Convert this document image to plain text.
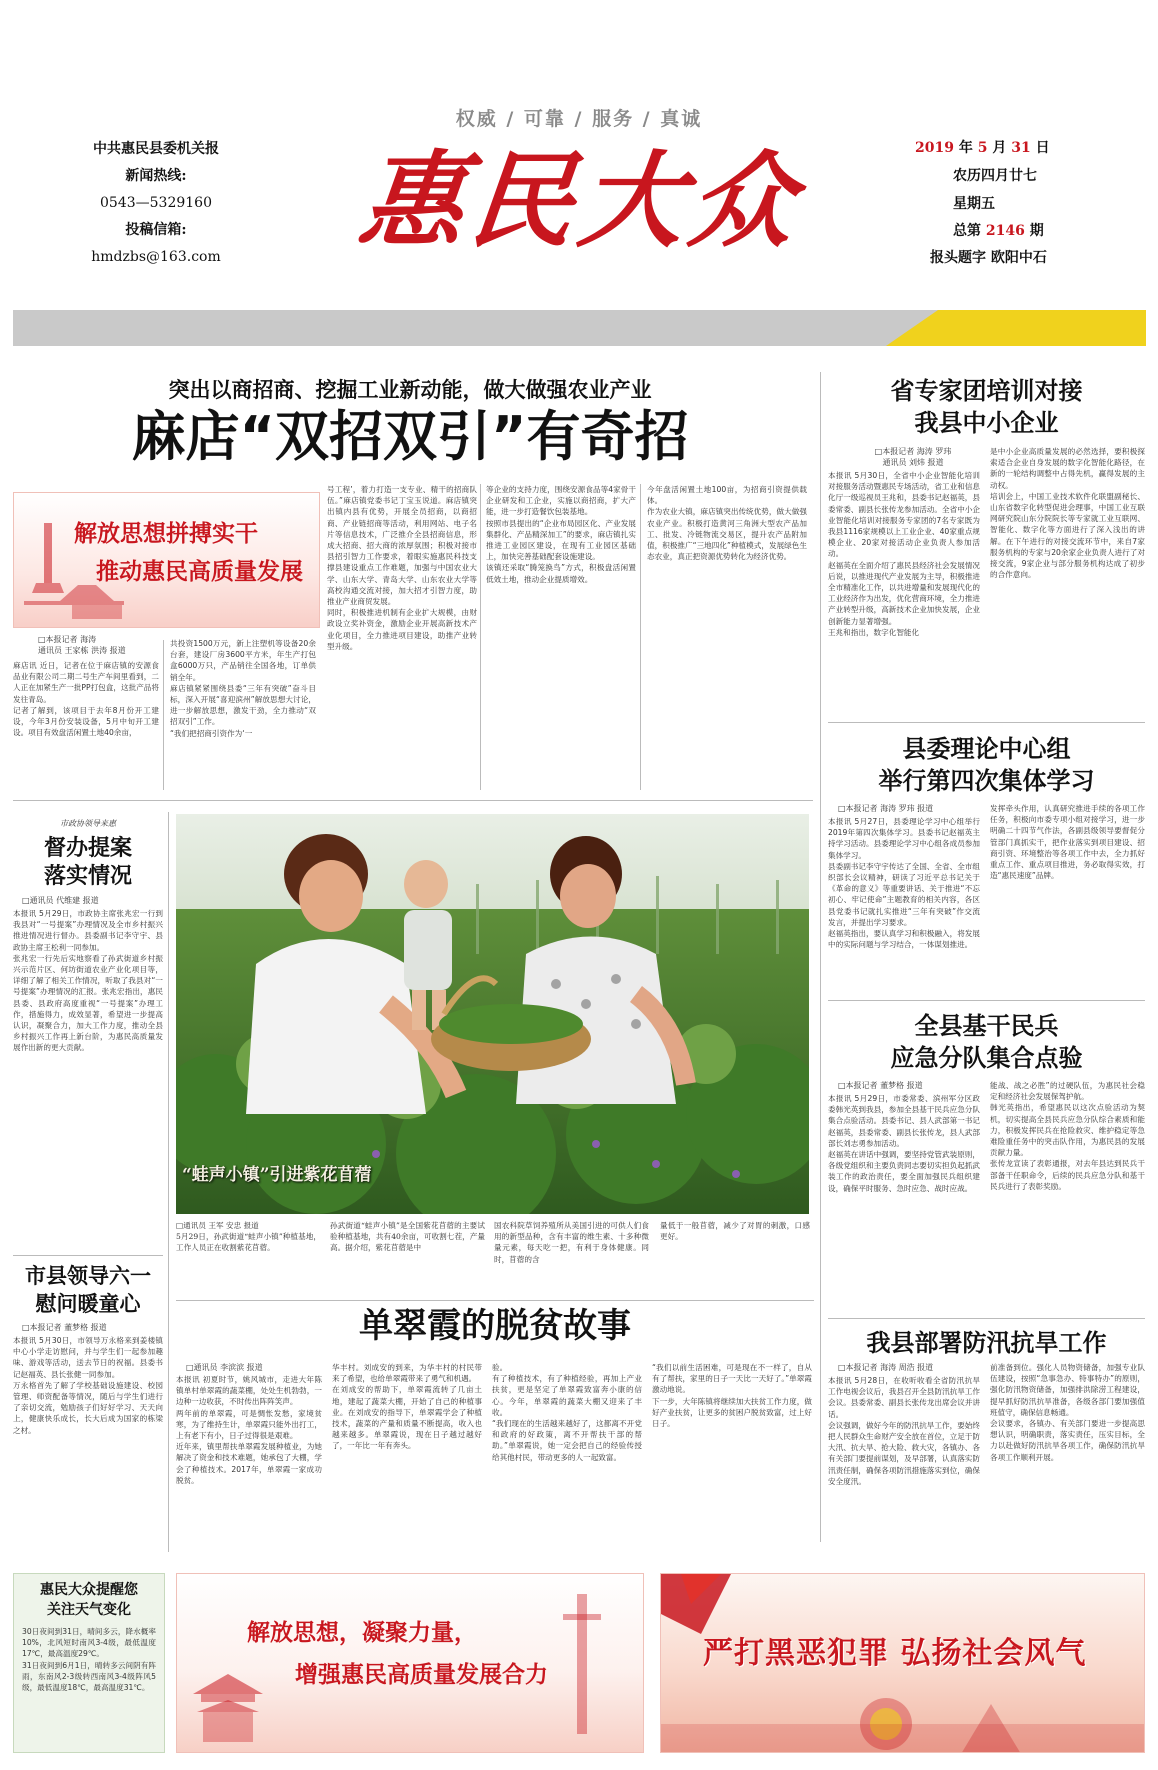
权威 / 可靠 / 服务 / 真诚
中共惠民县委机关报
新闻热线:
0543—5329160
投稿信箱:
hmdzbs@163.com 惠民大众	2019 年 5 月 31 日
农历四月廿七
星期五
总第 2146 期
报头题字 欧阳中石
突出以商招商、挖掘工业新动能，做大做强农业产业
麻店“双招双引”有奇招
解放思想拼搏实干
推动惠民高质量发展
□本报记者 海涛
通讯员 王家栋 洪涛 报道
麻店讯 近日，记者在位于麻店镇的安源食品业有限公司二期二号生产车间里看到，二人正在加紧生产一批PP打包盒，这批产品将发往青岛。
记者了解到，该项目于去年8月份开工建设，今年3月份安装设备，5月中旬开工建设。项目有效盘活闲置土地40余亩，
共投资1500万元，新上注塑机等设备20余台套，建设厂房3600平方米，年生产打包盒6000万只，产品销往全国各地，订单供销全年。
麻店镇紧紧围绕县委“三年有突破”奋斗目标，深入开展“喜迎滨州”解放思想大讨论，进一步解放思想，激发干劲，全力推动“双招双引”工作。
“我们把招商引资作为‘一
号工程’，着力打造一支专业、精干的招商队伍。”麻店镇党委书记丁宝玉说道。麻店镇突出镇内县有优势，开展全员招商，以商招商、产业链招商等活动，利用网站、电子名片等信息技术，广泛推介全县招商信息，形成大招商、招大商的浓厚氛围；积极对接市县招引智力工作要求，着眼实施惠民科技支撑县建设重点工作难题，加强与中国农业大学、山东大学、青岛大学、山东农业大学等高校沟通交流对接，加大招才引智力度，助推业产业商贸发展。
同时，积极推进机制有企业扩大规模，由财政设立奖补资金，激励企业开展高新技术产业化项目，全力推进项目建设，助推产业转型升级。
等企业的支持力度，围绕安源食品等4家骨干企业研发和工企业，实施以商招商，扩大产能，进一步打造餐饮包装基地。
按照市县提出的“企业布局园区化、产业发展集群化、产品精深加工”的要求，麻店镇扎实推进工业园区建设，在现有工业园区基础上，加快完善基础配套设施建设。
该镇还采取“腾笼换鸟”方式，积极盘活闲置低效土地，推动企业提质增效。
今年盘活闲置土地100亩，为招商引资提供载体。
作为农业大镇，麻店镇突出传统优势，做大做强农业产业。积极打造黄河三角洲大型农产品加工、批发、冷链物流交易区，提升农产品附加值，积极推广“三地四化”种植模式，发展绿色生态农业，真正把资源优势转化为经济优势。
“蛙声小镇”引进紫花苜蓿
□通讯员 王军 安忠 报道
5月29日，孙武街道“蛙声小镇”种植基地，工作人员正在收割紫花苜蓿。
孙武街道“蛙声小镇”是全国紫花苜蓿的主要试验种植基地，共有40余亩，可收割七茬，产量高。据介绍，紫花苜蓿是中
国农科院草饲养殖所从美国引进的可供人们食用的新型品种，含有丰富的维生素、十多种微量元素，每天吃一把，有利于身体健康。同时，苜蓿的含
量低于一般苜蓿，减少了对胃的刺激，口感更好。
市政协领导来惠
督办提案
落实情况
□通讯员 代维建 报道
本报讯 5月29日，市政协主席张兆宏一行到我县对“一号提案”办理情况及全市乡村振兴推进情况进行督办。县委副书记李守宇、县政协主席王松利一同参加。
张兆宏一行先后实地察看了孙武街道乡村振兴示范片区、何坊街道农业产业化项目等，详细了解了相关工作情况，听取了我县对“一号提案”办理情况的汇报。张兆宏指出，惠民县委、县政府高度重视“一号提案”办理工作，措施得力，成效显著，希望进一步提高认识，凝聚合力，加大工作力度，推动全县乡村振兴工作再上新台阶，为惠民高质量发展作出新的更大贡献。
市县领导六一
慰问暖童心
□本报记者 董梦格 报道
本报讯 5月30日，市领导万永格来到姜楼镇中心小学走访慰问，并与学生们一起参加趣味、游戏等活动，送去节日的祝福。县委书记赵福英、县长张健一同参加。
万永格首先了解了学校基础设施建设、校园管理、师资配备等情况，随后与学生们进行了亲切交流，勉励孩子们好好学习、天天向上，健康快乐成长，长大后成为国家的栋梁之材。
单翠霞的脱贫故事
□通讯员 李滨滨 报道
本报讯 初夏时节，姚风城市，走进大年陈镇单村单翠霞的蔬菜棚，处处生机勃勃，一边种一边收获，不时传出阵阵笑声。
两年前的单翠霞，可是惆怅发愁，家境贫寒，为了维持生计，单翠霞只能外出打工，上有老下有小，日子过得很是艰难。
近年来，镇里帮扶单翠霞发展种植业，为她解决了资金和技术难题，她承包了大棚，学会了种植技术。2017年，单翠霞一家成功脱贫。
华丰村。刘成安的到来，为华丰村的村民带来了希望，也给单翠霞带来了勇气和机遇。
在刘成安的帮助下，单翠霞流转了几亩土地，建起了蔬菜大棚，开始了自己的种植事业。在刘成安的指导下，单翠霞学会了种植技术，蔬菜的产量和质量不断提高，收入也越来越多。单翠霞说，现在日子越过越好了，一年比一年有奔头。
验。
有了种植技术，有了种植经验，再加上产业扶贫，更是坚定了单翠霞致富奔小康的信心。今年，单翠霞的蔬菜大棚又迎来了丰收。
“我们现在的生活越来越好了，这都离不开党和政府的好政策，离不开帮扶干部的帮助。”单翠霞说，她一定会把自己的经验传授给其他村民，带动更多的人一起致富。
“我们以前生活困难，可是现在不一样了，自从有了帮扶，家里的日子一天比一天好了。”单翠霞激动地说。
下一步，大年陈镇将继续加大扶贫工作力度，做好产业扶贫，让更多的贫困户脱贫致富，过上好日子。
省专家团培训对接
我县中小企业
□本报记者 海涛 罗玮
通讯员 刘炜 报道
本报讯 5月30日，全省中小企业智能化培训对接服务活动暨惠民专场活动，省工业和信息化厅一级巡视员王兆和，县委书记赵福英，县委常委、副县长张传龙参加活动。全省中小企业智能化培训对接服务专家团的7名专家既为我县1116家规模以上工业企业、40家重点规模企业、20家对接活动企业负责人参加活动。
赵福英在全面介绍了惠民县经济社会发展情况后说，以推进现代产业发展为主导，积极推进全市精准化工作，以共进增量和发展现代化的工业经济作为出发，优化营商环境，全力推进产业转型升级，高新技术企业加快发展，企业创新能力显著增强。
王兆和指出，数字化智能化
是中小企业高质量发展的必然选择，要积极探索适合企业自身发展的数字化智能化路径，在新的一轮结构调整中占得先机，赢得发展的主动权。
培训会上，中国工业技术软件化联盟副秘长、山东省数字化转型促进会理事，中国工业互联网研究院山东分院院长等专家就工业互联网、智能化、数字化等方面进行了深入浅出的讲解。在下午进行的对接交流环节中，来自7家服务机构的专家与20余家企业负责人进行了对接交流，9家企业与部分服务机构达成了初步的合作意向。
县委理论中心组
举行第四次集体学习
□本报记者 海涛 罗玮 报道
本报讯 5月27日，县委理论学习中心组举行2019年第四次集体学习。县委书记赵福英主持学习活动。县委理论学习中心组各成员参加集体学习。
县委副书记李守宇传达了全国、全省、全市组织部长会议精神，研读了习近平总书记关于《革命的意义》等重要讲话、关于推进“不忘初心、牢记使命”主题教育的相关内容，各区县党委书记就扎实推进“三年有突破”作交流发言，并提出学习要求。
赵福英指出，要认真学习和积极融入，将发展中的实际问题与学习结合，一体谋划推进。
发挥牵头作用，认真研究推进手续的各项工作任务，积极向市委专项小组对接学习，进一步明确二十四节气作法，各副县级领导要督促分管部门真抓实干，把作业落实到项目建设、招商引资、环境整治等各项工作中去，全力抓好重点工作、重点项目推进，务必取得实效，打造“惠民速度”品牌。
全县基干民兵
应急分队集合点验
□本报记者 董梦格 报道
本报讯 5月29日，市委常委、滨州军分区政委韩光英到我县，参加全县基干民兵应急分队集合点验活动。县委书记、县人武部第一书记赵福英，县委常委、副县长张传龙，县人武部部长刘志勇参加活动。
赵福英在讲话中强调，要坚持党管武装原则，各级党组织和主要负责同志要切实担负起抓武装工作的政治责任，要全面加强民兵组织建设，确保平时服务、急时应急、战时应战。
能战、战之必胜”的过硬队伍，为惠民社会稳定和经济社会发展保驾护航。
韩光英指出，希望惠民以这次点验活动为契机，切实提高全县民兵应急分队综合素质和能力，积极发挥民兵在抢险救灾、维护稳定等急难险重任务中的突击队作用，为惠民县的发展贡献力量。
张传龙宣读了表彰通报，对去年县达到民兵干部备干任职命令，后续的民兵应急分队和基干民兵进行了表彰奖励。
我县部署防汛抗旱工作
□本报记者 海涛 周浩 报道
本报讯 5月28日，在收听收看全省防汛抗旱工作电视会议后，我县召开全县防汛抗旱工作会议。县委常委、副县长张传龙出席会议并讲话。
会议强调，做好今年的防汛抗旱工作，要始终把人民群众生命财产安全放在首位，立足于防大汛、抗大旱、抢大险、救大灾，各镇办、各有关部门要提前谋划，及早部署，认真落实防汛责任制，确保各项防汛措施落实到位，确保安全度汛。
前准备到位。强化人员物资储备，加强专业队伍建设，按照“急事急办、特事特办”的原则，强化防汛物资储备，加强排洪除涝工程建设，提早抓好防汛抗旱准备，各级各部门要加强值班值守，确保信息畅通。
会议要求，各镇办、有关部门要进一步提高思想认识，明确职责，落实责任，压实目标，全力以赴做好防汛抗旱各项工作，确保防汛抗旱各项工作顺利开展。
惠民大众提醒您
关注天气变化
30日夜间到31日，晴间多云，降水概率10%，北风短时南风3-4级，最低温度17℃，最高温度29℃。
31日夜间到6月1日，晴转多云间阴有阵雨，东南风2-3级转西南风3-4级阵风5级，最低温度18℃，最高温度31℃。
解放思想，凝聚力量，
增强惠民高质量发展合力
严打黑恶犯罪 弘扬社会风气
